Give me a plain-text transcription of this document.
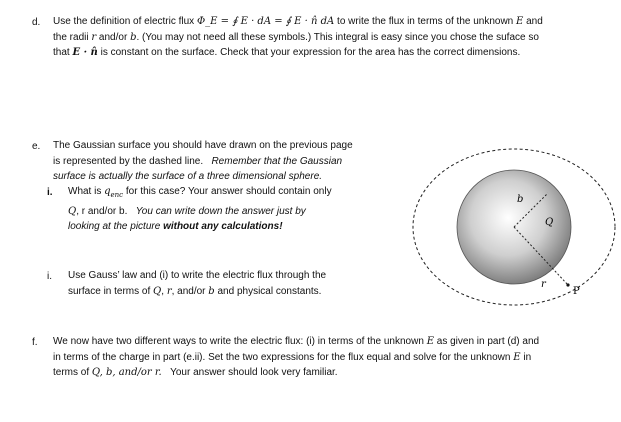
d. Use the definition of electric flux Φ_E = ∮ E · dA = ∮ E · n̂ dA to write the flux in terms of the unknown E and
the radii r and/or b. (You may not need all these symbols.) This integral is easy since you chose the suface so
that E · n̂ is constant on the surface. Check that your expression for the area has the correct dimensions.
e. The Gaussian surface you should have drawn on the previous page
is represented by the dashed line. Remember that the Gaussian
surface is actually the surface of a three dimensional sphere.
i. What is $q_{enc}$ for this case? Your answer should contain only
Q, r and/or b. You can write down the answer just by
looking at the picture without any calculations!
i. Use Gauss’ law and (i) to write the electric flux through the
surface in terms of Q, r, and/or b and physical constants.
b
Q
r
P
f. We now have two different ways to write the electric flux: (i) in terms of the unknown E as given in part (d) and
in terms of the charge in part (e.ii). Set the two expressions for the flux equal and solve for the unknown E in
terms of Q, b, and/or r. Your answer should look very familiar.
